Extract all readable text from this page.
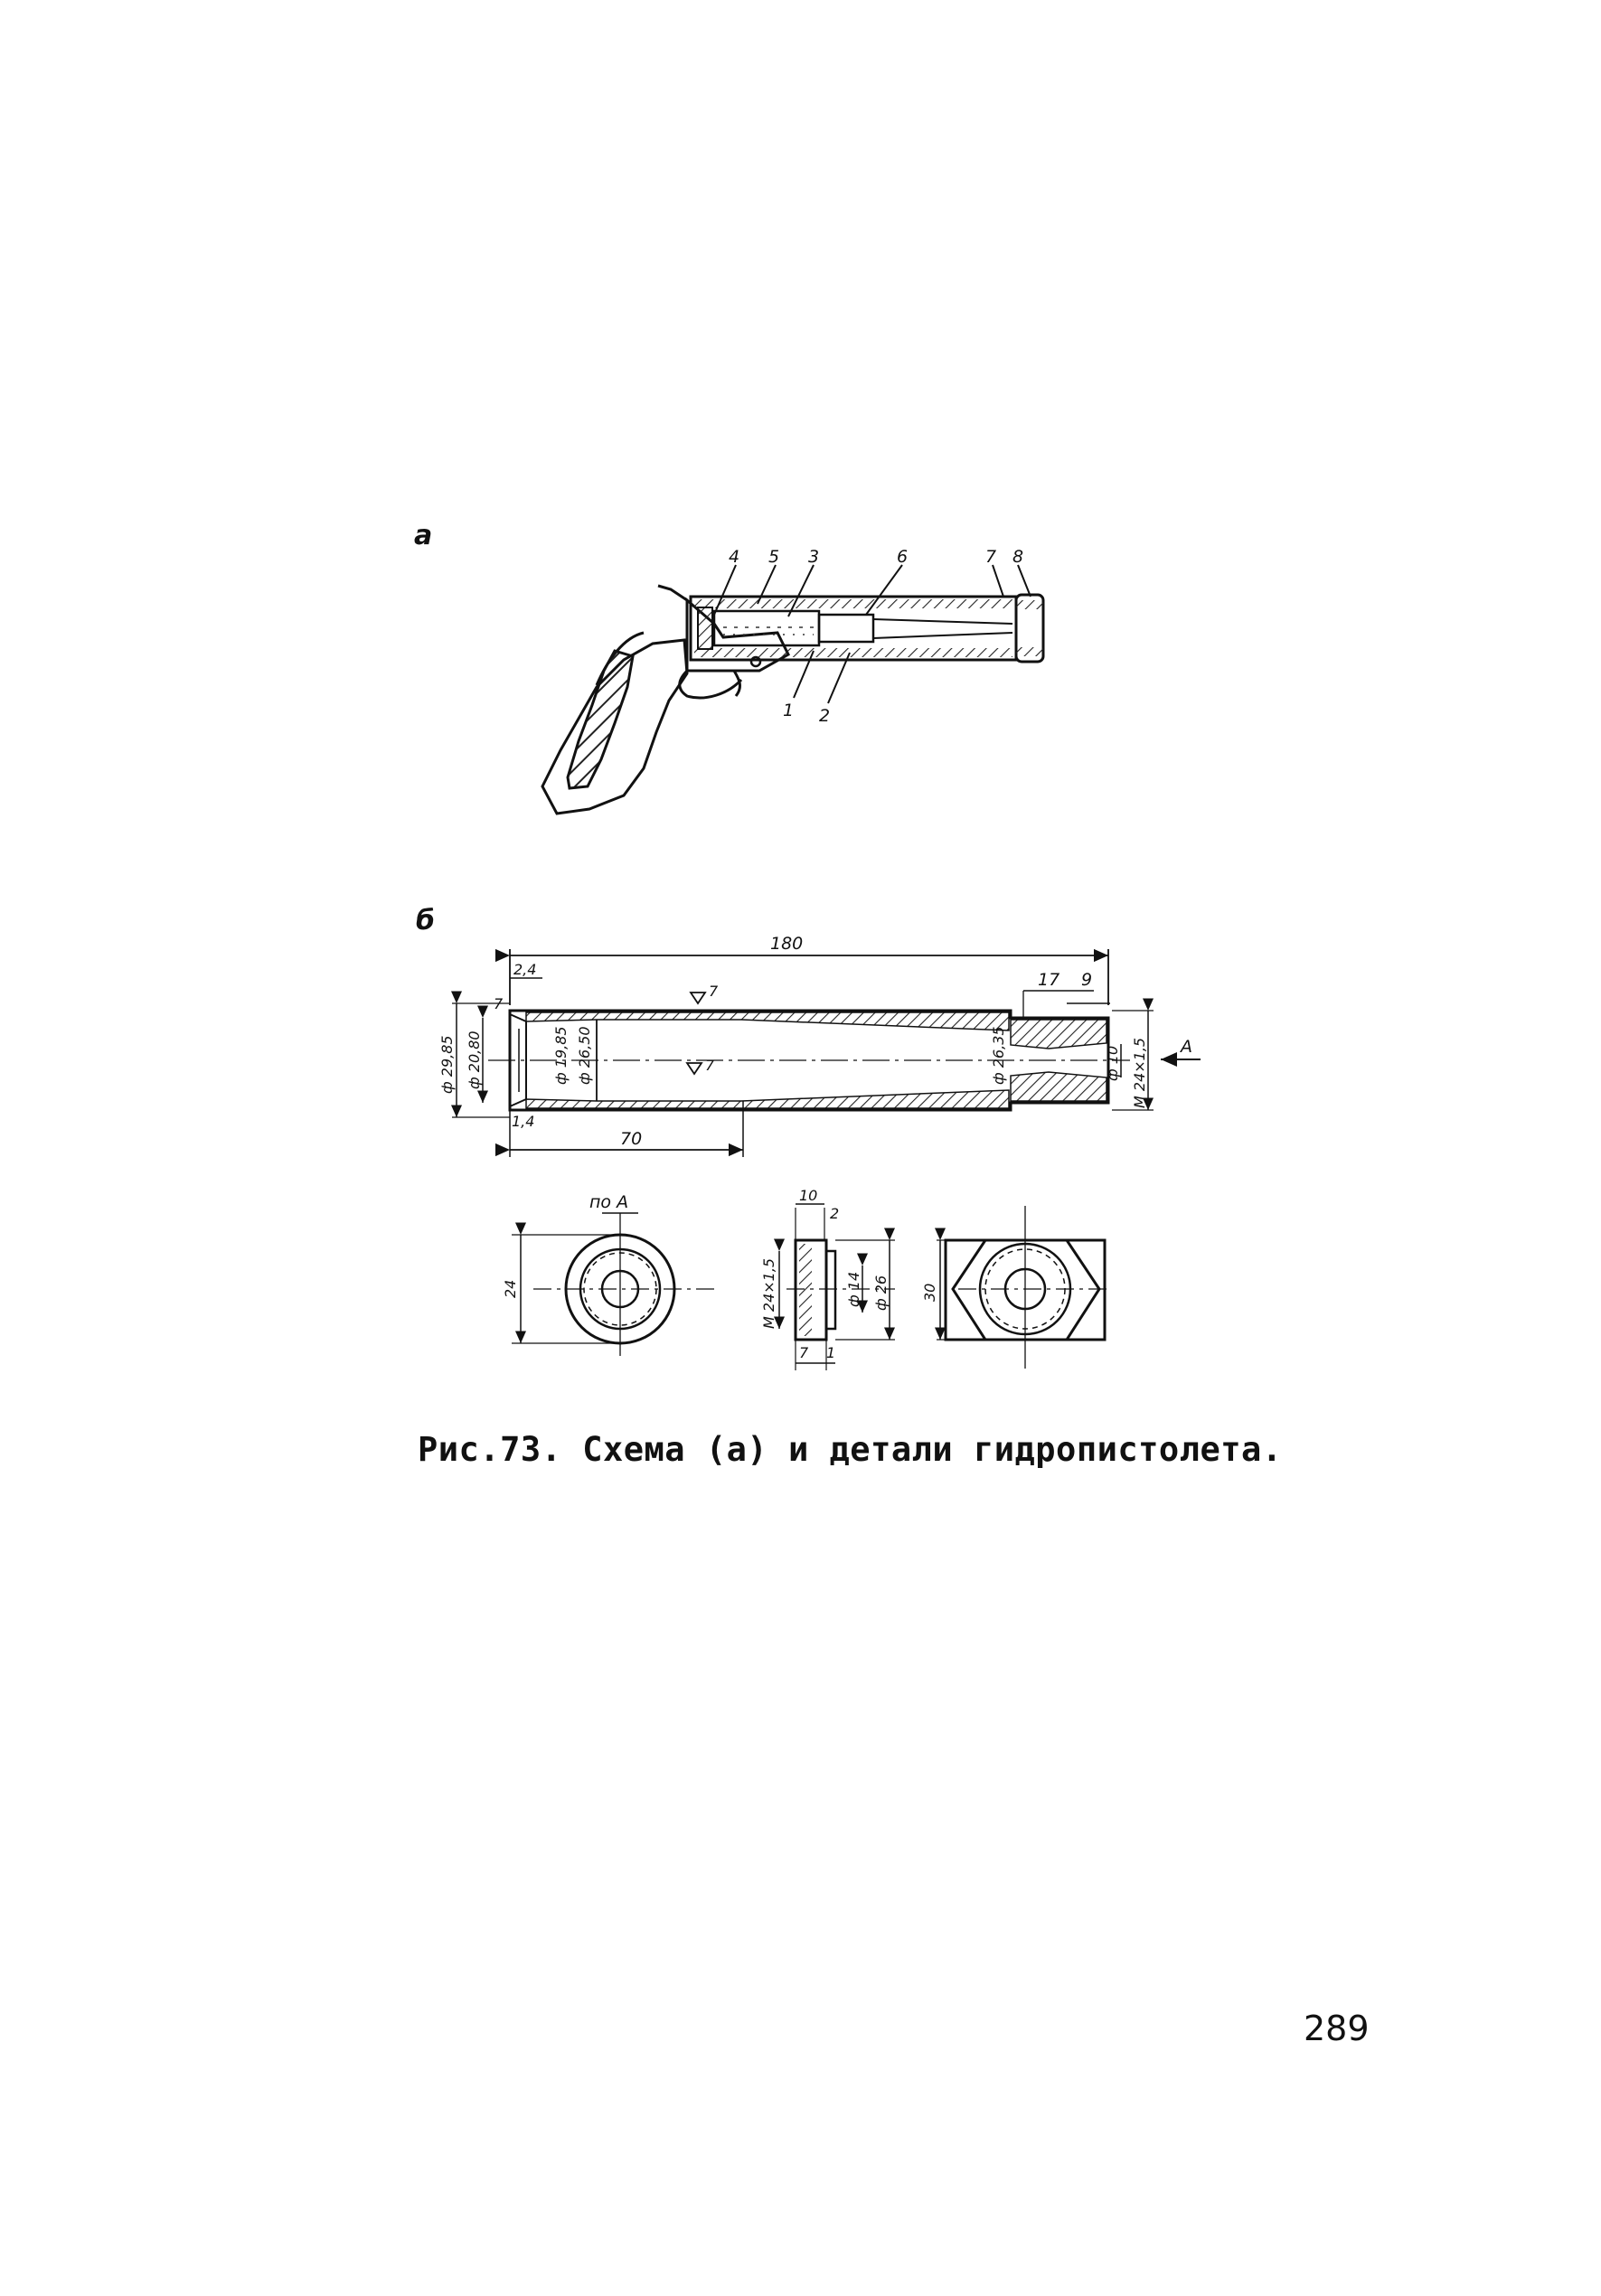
а
4 5 3	6	7 8
1 2
б
180
2,4
7
ф 29,85 ф 20,80	ф 19,85 ф 26,50	ф 26,35
7
7
17 9
ф 10 М 24×1,5 А
1,4
70
по А
24
10
2
М 24×1,5	ф 14 ф 26
7 1
30
Рис.73. Схема (а) и детали гидропистолета.
289
